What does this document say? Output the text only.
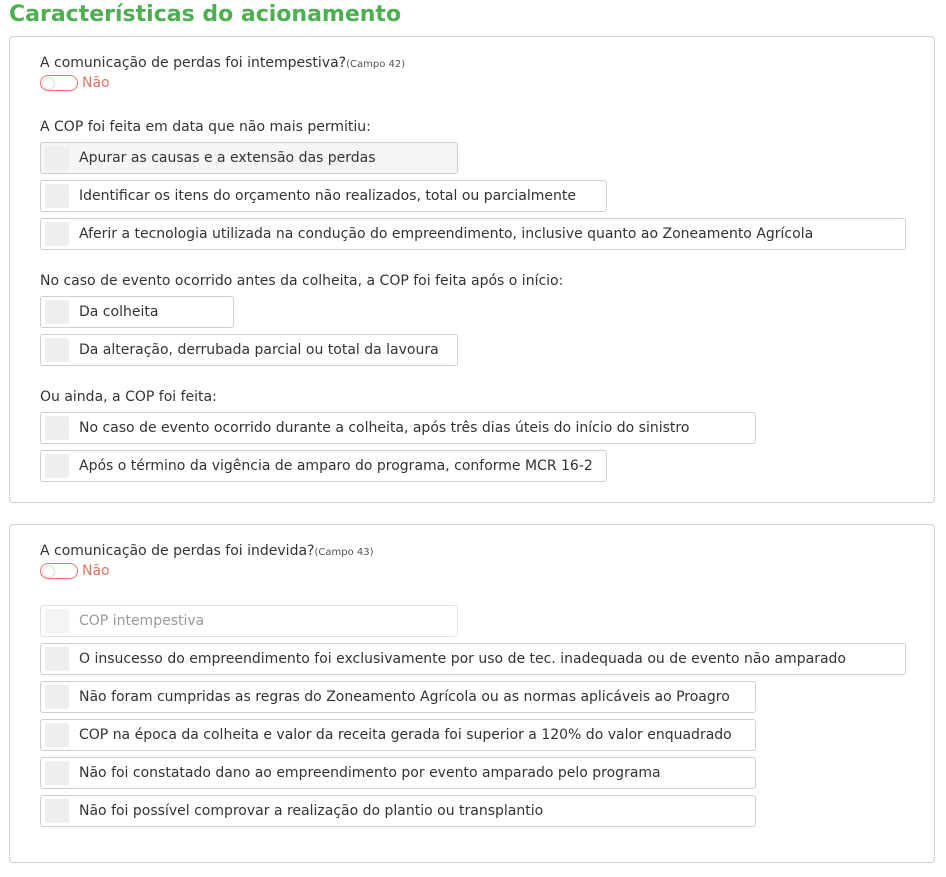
Características do acionamento
A comunicação de perdas foi intempestiva?(Campo 42)
Não
A COP foi feita em data que não mais permitiu:
Apurar as causas e a extensão das perdas
Identificar os itens do orçamento não realizados, total ou parcialmente
Aferir a tecnologia utilizada na condução do empreendimento, inclusive quanto ao Zoneamento Agrícola
No caso de evento ocorrido antes da colheita, a COP foi feita após o início:
Da colheita
Da alteração, derrubada parcial ou total da lavoura
Ou ainda, a COP foi feita:
No caso de evento ocorrido durante a colheita, após três dias úteis do início do sinistro
Após o término da vigência de amparo do programa, conforme MCR 16-2
A comunicação de perdas foi indevida?(Campo 43)
Não
COP intempestiva
O insucesso do empreendimento foi exclusivamente por uso de tec. inadequada ou de evento não amparado
Não foram cumpridas as regras do Zoneamento Agrícola ou as normas aplicáveis ao Proagro
COP na época da colheita e valor da receita gerada foi superior a 120% do valor enquadrado
Não foi constatado dano ao empreendimento por evento amparado pelo programa
Não foi possível comprovar a realização do plantio ou transplantio
